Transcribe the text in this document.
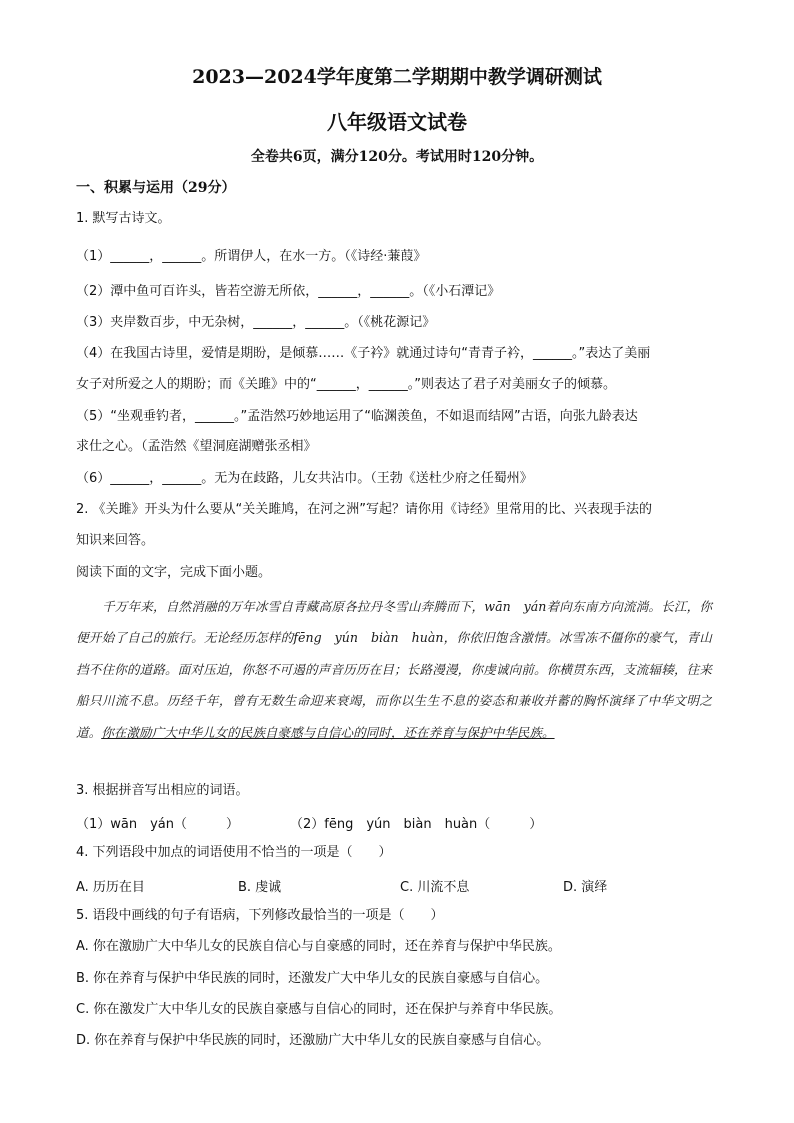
2023—2024学年度第二学期期中教学调研测试
八年级语文试卷
全卷共6页，满分120分。考试用时120分钟。
一、积累与运用（29分）
1. 默写古诗文。
（1）______，______。所谓伊人，在水一方。（《诗经·蒹葭》
（2）潭中鱼可百许头，皆若空游无所依，______，______。（《小石潭记》
（3）夹岸数百步，中无杂树，______，______。（《桃花源记》
（4）在我国古诗里，爱情是期盼，是倾慕……《子衿》就通过诗句“青青子衿，______。”表达了美丽
女子对所爱之人的期盼；而《关雎》中的“______，______。”则表达了君子对美丽女子的倾慕。
（5）“坐观垂钓者，______。”孟浩然巧妙地运用了“临渊羡鱼，不如退而结网”古语，向张九龄表达
求仕之心。（孟浩然《望洞庭湖赠张丞相》
（6）______，______。无为在歧路，儿女共沾巾。（王勃《送杜少府之任蜀州》
2. 《关雎》开头为什么要从“关关雎鸠，在河之洲”写起？请你用《诗经》里常用的比、兴表现手法的
知识来回答。
阅读下面的文字，完成下面小题。
千万年来，自然消融的万年冰雪自青藏高原各拉丹冬雪山奔腾而下，wān　yán着向东南方向流淌。长江，你便开始了自己的旅行。无论经历怎样的fēng　yún　biàn　huàn，你依旧饱含激情。冰雪冻不僵你的豪气，青山挡不住你的道路。面对压迫，你怒不可遏的声音历历在目；长路漫漫，你虔诚向前。你横贯东西，支流辐辏，往来船只川流不息。历经千年，曾有无数生命迎来衰竭，而你以生生不息的姿态和兼收并蓄的胸怀演绎了中华文明之道。你在激励广大中华儿女的民族自豪感与自信心的同时，还在养育与保护中华民族。
3. 根据拼音写出相应的词语。
（1）wān　yán（　　　）	（2）fēng　yún　biàn　huàn（　　　）
4. 下列语段中加点的词语使用不恰当的一项是（　　）
A. 历历在目	B. 虔诚	C. 川流不息	D. 演绎
5. 语段中画线的句子有语病，下列修改最恰当的一项是（　　）
A. 你在激励广大中华儿女的民族自信心与自豪感的同时，还在养育与保护中华民族。
B. 你在养育与保护中华民族的同时，还激发广大中华儿女的民族自豪感与自信心。
C. 你在激发广大中华儿女的民族自豪感与自信心的同时，还在保护与养育中华民族。
D. 你在养育与保护中华民族的同时，还激励广大中华儿女的民族自豪感与自信心。
